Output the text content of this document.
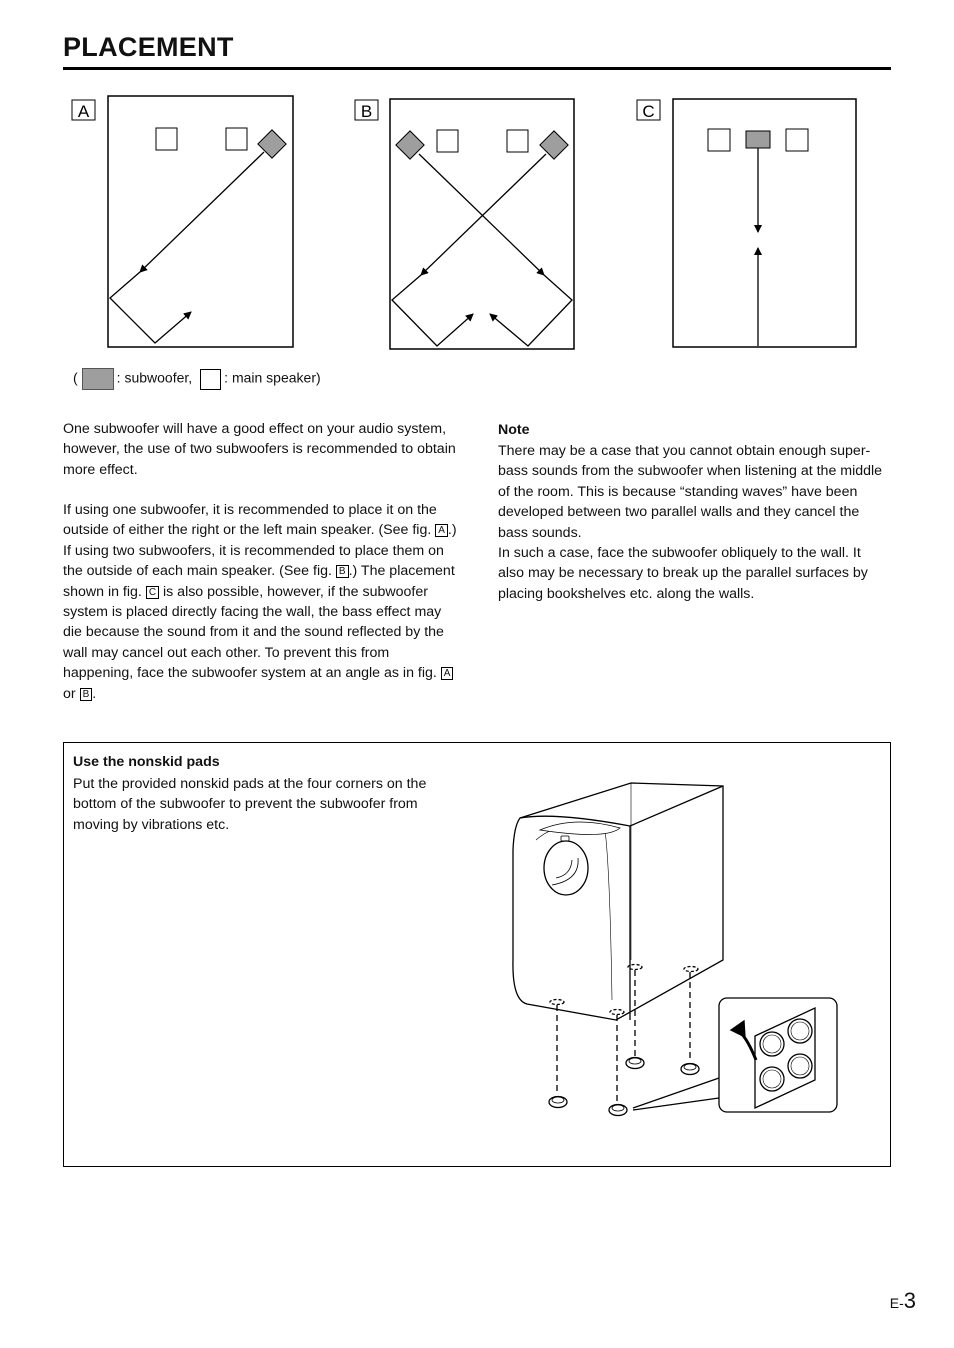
PLACEMENT
A	B	C
(	: subwoofer, : main speaker)

One subwoofer will have a good effect on your audio system, however, the use of two subwoofers is recommended to obtain more effect.

If using one subwoofer, it is recommended to place it on the outside of either the right or the left main speaker. (See fig. A .) If using two subwoofers, it is recommended to place them on the outside of each main speaker. (See fig. B .) The placement shown in fig. C is also possible, however, if the subwoofer system is placed directly facing the wall, the bass effect may die because the sound from it and the sound reflected by the wall may cancel out each other. To prevent this from happening, face the subwoofer system at an angle as in fig. A or B .

Note

There may be a case that you cannot obtain enough super-bass sounds from the subwoofer when listening at the middle of the room. This is because “standing waves” have been developed between two parallel walls and they cancel the bass sounds.

In such a case, face the subwoofer obliquely to the wall. It also may be necessary to break up the parallel surfaces by placing bookshelves etc. along the walls.

Use the nonskid pads

Put the provided nonskid pads at the four corners on the bottom of the subwoofer to prevent the subwoofer from moving by vibrations etc.

E-3
